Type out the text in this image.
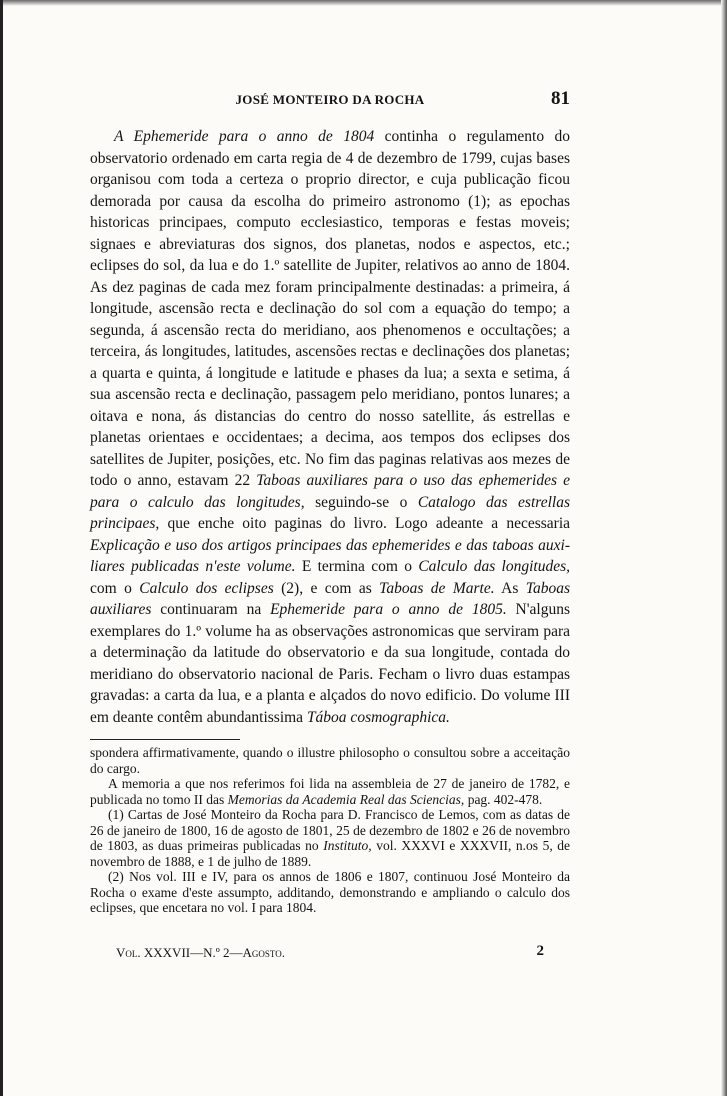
JOSÉ MONTEIRO DA ROCHA	81

A Ephemeride para o anno de 1804 continha o regulamento do observatorio ordenado em carta regia de 4 de dezembro de 1799, cujas bases organisou com toda a certeza o proprio director, e cuja publicação ficou demorada por causa da escolha do primeiro astronomo (1); as epochas historicas principaes, computo ecclesiastico, temporas e festas moveis; signaes e abreviaturas dos signos, dos planetas, nodos e aspectos, etc.; eclipses do sol, da lua e do 1.º satellite de Jupiter, relativos ao anno de 1804. As dez paginas de cada mez foram principalmente destinadas: a primeira, á longitude, ascensão recta e declinação do sol com a equação do tempo; a segunda, á ascensão recta do meridiano, aos phenomenos e occultações; a terceira, ás longitudes, latitudes, ascensões rectas e declinações dos planetas; a quarta e quinta, á longitude e latitude e phases da lua; a sexta e setima, á sua ascensão recta e declinação, passagem pelo meridiano, pontos lunares; a oitava e nona, ás distancias do centro do nosso satellite, ás estrellas e planetas orientaes e occidentaes; a decima, aos tempos dos eclipses dos satellites de Jupiter, posições, etc. No fim das paginas relativas aos mezes de todo o anno, estavam 22 Taboas auxiliares para o uso das ephemerides e para o calculo das longitudes, seguindo-se o Catalogo das estrellas principaes, que enche oito paginas do livro. Logo adeante a necessaria Explicação e uso dos artigos principaes das ephemerides e das taboas auxiliares publicadas n'este volume. E termina com o Calculo das longitudes, com o Calculo dos eclipses (2), e com as Taboas de Marte. As Taboas auxiliares continuaram na Ephemeride para o anno de 1805. N'alguns exemplares do 1.º volume ha as observações astronomicas que serviram para a determinação da latitude do observatorio e da sua longitude, contada do meridiano do observatorio nacional de Paris. Fecham o livro duas estampas gravadas: a carta da lua, e a planta e alçados do novo edificio. Do volume III em deante contêm abundantissima Táboa cosmographica.

spondera affirmativamente, quando o illustre philosopho o consultou sobre a acceitação do cargo.

A memoria a que nos referimos foi lida na assembleia de 27 de janeiro de 1782, e publicada no tomo II das Memorias da Academia Real das Sciencias, pag. 402-478.

(1) Cartas de José Monteiro da Rocha para D. Francisco de Lemos, com as datas de 26 de janeiro de 1800, 16 de agosto de 1801, 25 de dezembro de 1802 e 26 de novembro de 1803, as duas primeiras publicadas no Instituto, vol. XXXVI e XXXVII, n.os 5, de novembro de 1888, e 1 de julho de 1889.

(2) Nos vol. III e IV, para os annos de 1806 e 1807, continuou José Monteiro da Rocha o exame d'este assumpto, additando, demonstrando e ampliando o calculo dos eclipses, que encetara no vol. I para 1804.

Vol. XXXVII—N.º 2—Agosto.	2
